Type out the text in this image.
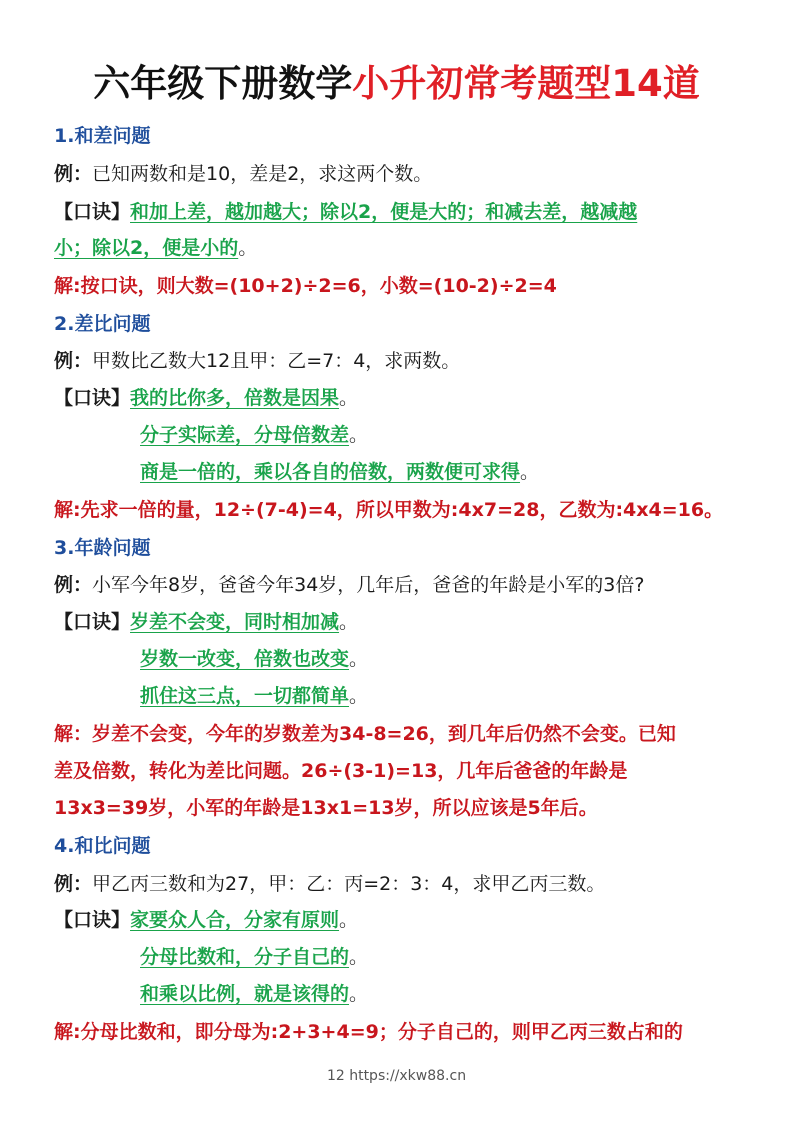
六年级下册数学小升初常考题型14道
1.和差问题
例：已知两数和是10，差是2，求这两个数。
【口诀】和加上差，越加越大；除以2，便是大的；和减去差，越减越
小；除以2，便是小的。
解:按口诀，则大数=(10+2)÷2=6，小数=(10-2)÷2=4
2.差比问题
例：甲数比乙数大12且甲：乙=7：4，求两数。
【口诀】我的比你多，倍数是因果。
分子实际差，分母倍数差。
商是一倍的，乘以各自的倍数，两数便可求得。
解:先求一倍的量，12÷(7-4)=4，所以甲数为:4x7=28，乙数为:4x4=16。
3.年龄问题
例：小军今年8岁，爸爸今年34岁，几年后，爸爸的年龄是小军的3倍?
【口诀】岁差不会变，同时相加减。
岁数一改变，倍数也改变。
抓住这三点，一切都简单。
解：岁差不会变，今年的岁数差为34-8=26，到几年后仍然不会变。已知
差及倍数，转化为差比问题。26÷(3-1)=13，几年后爸爸的年龄是
13x3=39岁，小军的年龄是13x1=13岁，所以应该是5年后。
4.和比问题
例：甲乙丙三数和为27，甲：乙：丙=2：3：4，求甲乙丙三数。
【口诀】家要众人合，分家有原则。
分母比数和，分子自己的。
和乘以比例，就是该得的。
解:分母比数和，即分母为:2+3+4=9；分子自己的，则甲乙丙三数占和的
12 https://xkw88.cn
